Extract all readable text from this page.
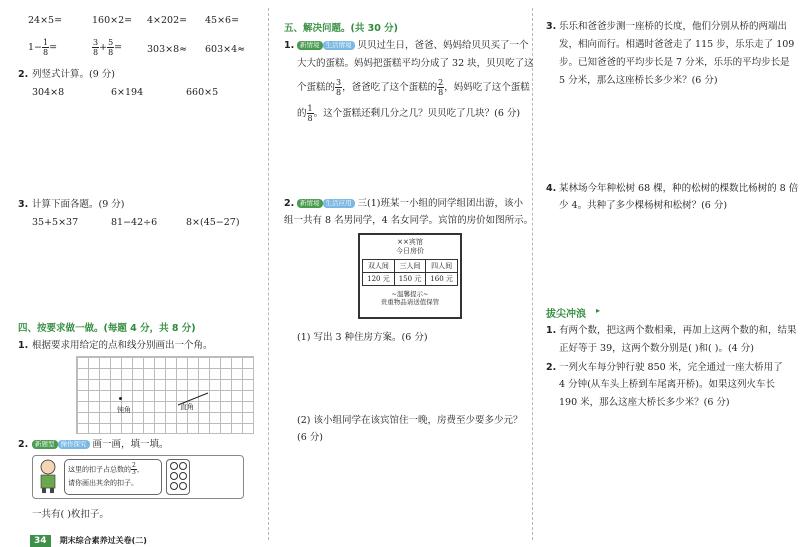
24×5=	160×2= 4×202= 45×6=
$1- \frac{1}{8}$ =	$\frac{3}{8} + \frac{5}{8}$ =	303×8≈ 603×4≈
2. 列竖式计算。(9 分)
304×8	6×194	660×5
3. 计算下面各题。(9 分)
35+5×37	81−42÷6	8×(45−27)
四、按要求做一做。(每题 4 分，共 8 分)
1. 根据要求用给定的点和线分别画出一个角。
钝角	直角
2.	新题型 操作探究 画一画，填一填。
这里的扣子占总数的 $\frac{2}{3}$ ，
请你画出其余的扣子。
一共有( )枚扣子。
五、解决问题。(共 30 分)
1. 新情境 生活情境 贝贝过生日，爸爸、妈妈给贝贝买了一个
大大的蛋糕。妈妈把蛋糕平均分成了 32 块，贝贝吃了这
个蛋糕的 $\frac{3}{8}$ ，爸爸吃了这个蛋糕的 $\frac{2}{8}$ ，妈妈吃了这个蛋糕
的 $\frac{1}{8}$ 。这个蛋糕还剩几分之几？贝贝吃了几块？(6 分)
2. 新情境 生活应用 三(1)班某一小组的同学组团出游，该小
组一共有 8 名男同学，4 名女同学。宾馆的房价如图所示。
××宾馆
今日房价
双人间	三人间	四人间
120 元	150 元	160 元
~温馨提示~
贵重物品请送值保管
(1) 写出 3 种住房方案。(6 分)
(2) 该小组同学在该宾馆住一晚，房费至少要多少元？
(6 分)
3. 乐乐和爸爸步测一座桥的长度，他们分别从桥的两端出
发，相向而行。相遇时爸爸走了 115 步，乐乐走了 109
步。已知爸爸的平均步长是 7 分米，乐乐的平均步长是
5 分米，那么这座桥长多少米？(6 分)
4. 某林场今年种松树 68 棵，种的松树的棵数比杨树的 8 倍
少 4。共种了多少棵杨树和松树？(6 分)
拔尖冲浪 ▸
1. 有两个数，把这两个数相乘，再加上这两个数的和，结果
正好等于 39，这两个数分别是( )和( )。(4 分)
2. 一列火车每分钟行驶 850 米，完全通过一座大桥用了
4 分钟(从车头上桥到车尾离开桥)。如果这列火车长
190 米，那么这座大桥长多少米？(6 分)
34 期末综合素养过关卷(二)
